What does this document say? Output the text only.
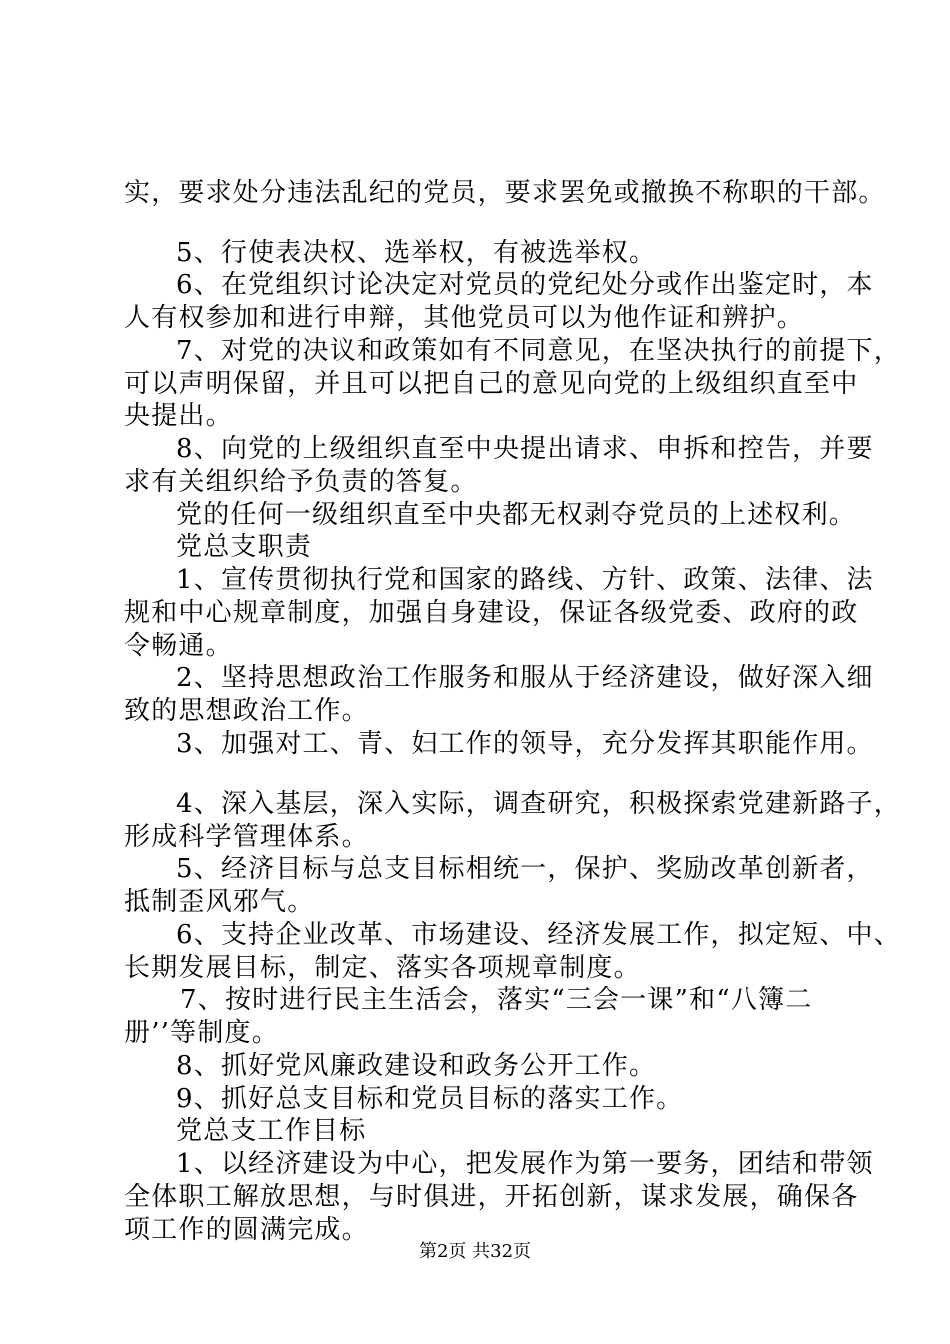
实，要求处分违法乱纪的党员，要求罢免或撤换不称职的干部。
5、行使表决权、选举权，有被选举权。
6、在党组织讨论决定对党员的党纪处分或作出鉴定时，本
人有权参加和进行申辩，其他党员可以为他作证和辨护。
7、对党的决议和政策如有不同意见，在坚决执行的前提下，
可以声明保留，并且可以把自己的意见向党的上级组织直至中
央提出。
8、向党的上级组织直至中央提出请求、申拆和控告，并要
求有关组织给予负责的答复。
党的任何一级组织直至中央都无权剥夺党员的上述权利。
党总支职责
1、宣传贯彻执行党和国家的路线、方针、政策、法律、法
规和中心规章制度，加强自身建设，保证各级党委、政府的政
令畅通。
2、坚持思想政治工作服务和服从于经济建设，做好深入细
致的思想政治工作。
3、加强对工、青、妇工作的领导，充分发挥其职能作用。
4、深入基层，深入实际，调查研究，积极探索党建新路子，
形成科学管理体系。
5、经济目标与总支目标相统一，保护、奖励改革创新者，
抵制歪风邪气。
6、支持企业改革、市场建设、经济发展工作，拟定短、中、
长期发展目标，制定、落实各项规章制度。
7、按时进行民主生活会，落实“三会一课”和“八簿二
册’’等制度。
8、抓好党风廉政建设和政务公开工作。
9、抓好总支目标和党员目标的落实工作。
党总支工作目标
1、以经济建设为中心，把发展作为第一要务，团结和带领
全体职工解放思想，与时俱进，开拓创新，谋求发展，确保各
项工作的圆满完成。
第2页 共32页
